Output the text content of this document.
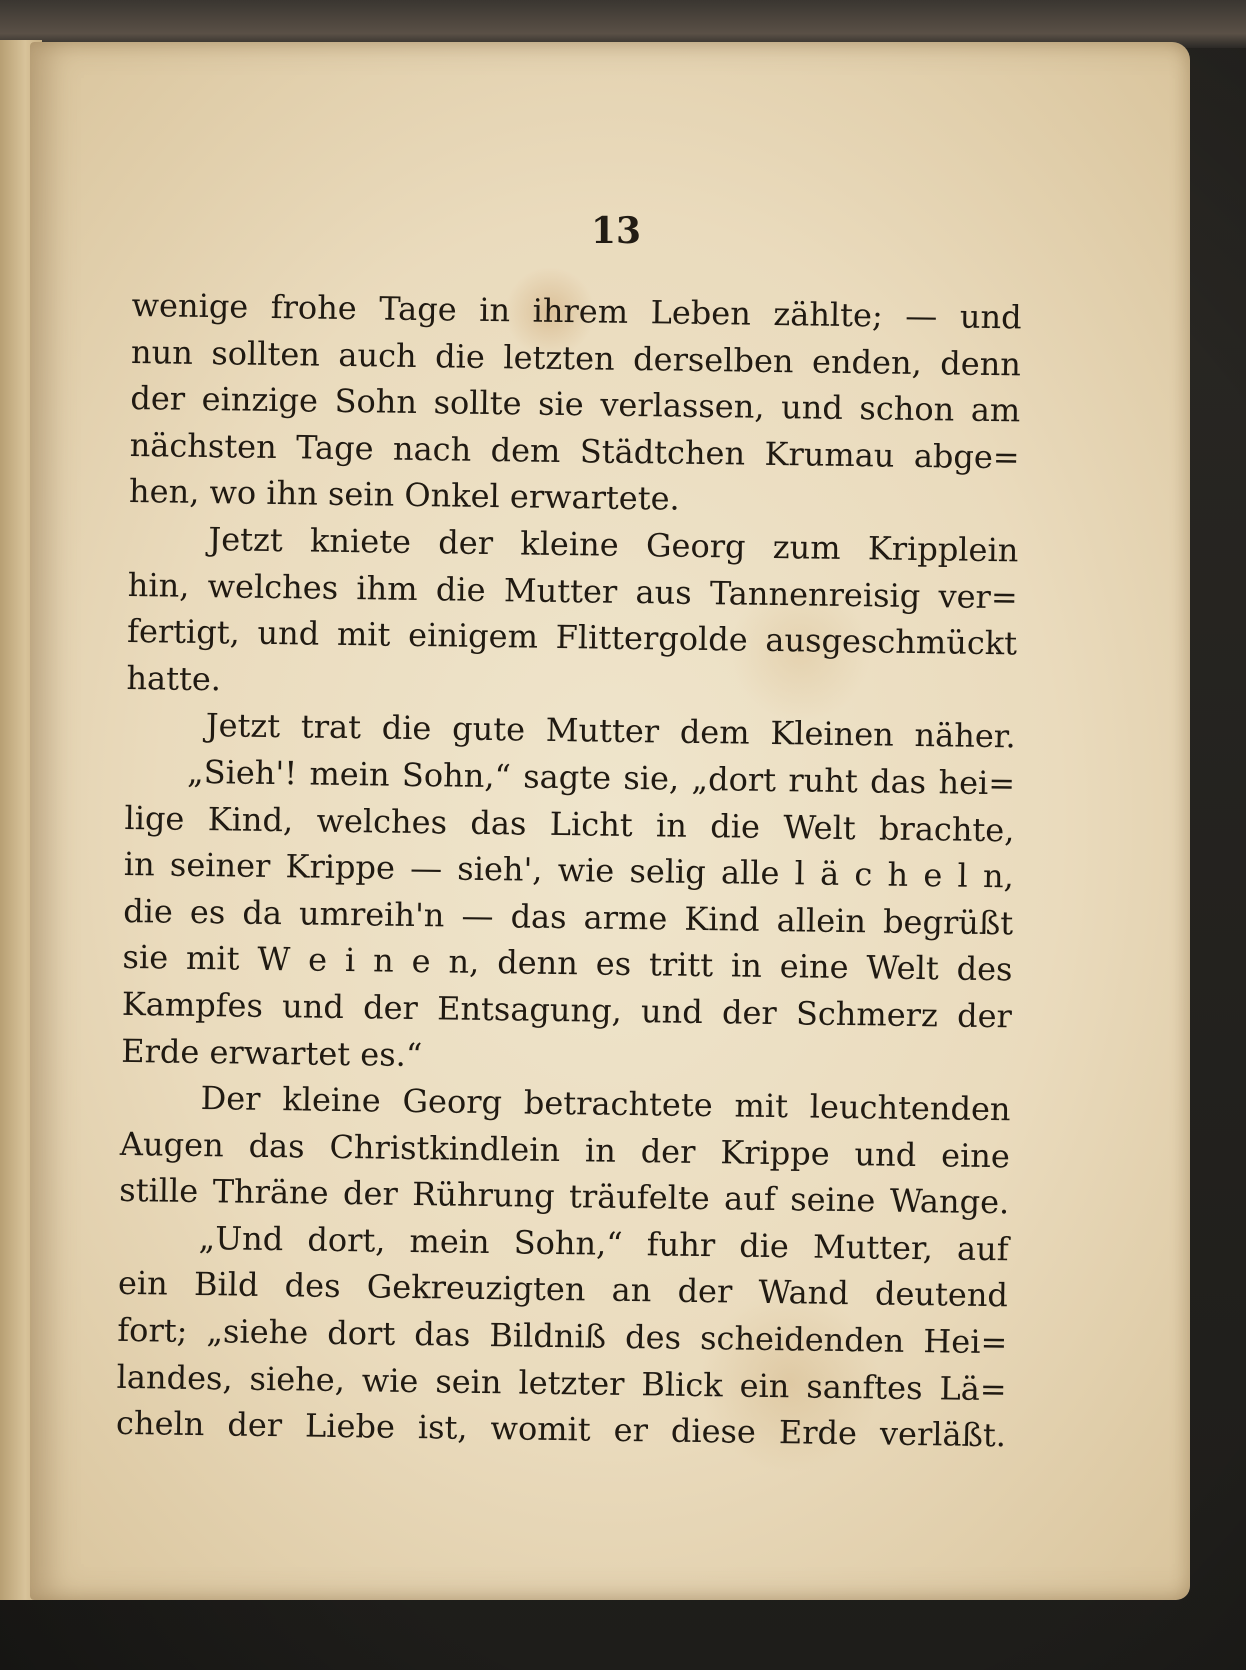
13
wenige frohe Tage in ihrem Leben zählte; — und
nun sollten auch die letzten derselben enden, denn
der einzige Sohn sollte sie verlassen, und schon am
nächsten Tage nach dem Städtchen Krumau abge=
hen, wo ihn sein Onkel erwartete.
Jetzt kniete der kleine Georg zum Kripplein
hin, welches ihm die Mutter aus Tannenreisig ver=
fertigt, und mit einigem Flittergolde ausgeschmückt
hatte.
Jetzt trat die gute Mutter dem Kleinen näher.
„Sieh'! mein Sohn,“ sagte sie, „dort ruht das hei=
lige Kind, welches das Licht in die Welt brachte,
in seiner Krippe — sieh', wie selig alle l ä c h e l n,
die es da umreih'n — das arme Kind allein begrüßt
sie mit W e i n e n, denn es tritt in eine Welt des
Kampfes und der Entsagung, und der Schmerz der
Erde erwartet es.“
Der kleine Georg betrachtete mit leuchtenden
Augen das Christkindlein in der Krippe und eine
stille Thräne der Rührung träufelte auf seine Wange.
„Und dort, mein Sohn,“ fuhr die Mutter, auf
ein Bild des Gekreuzigten an der Wand deutend
fort; „siehe dort das Bildniß des scheidenden Hei=
landes, siehe, wie sein letzter Blick ein sanftes Lä=
cheln der Liebe ist, womit er diese Erde verläßt.
